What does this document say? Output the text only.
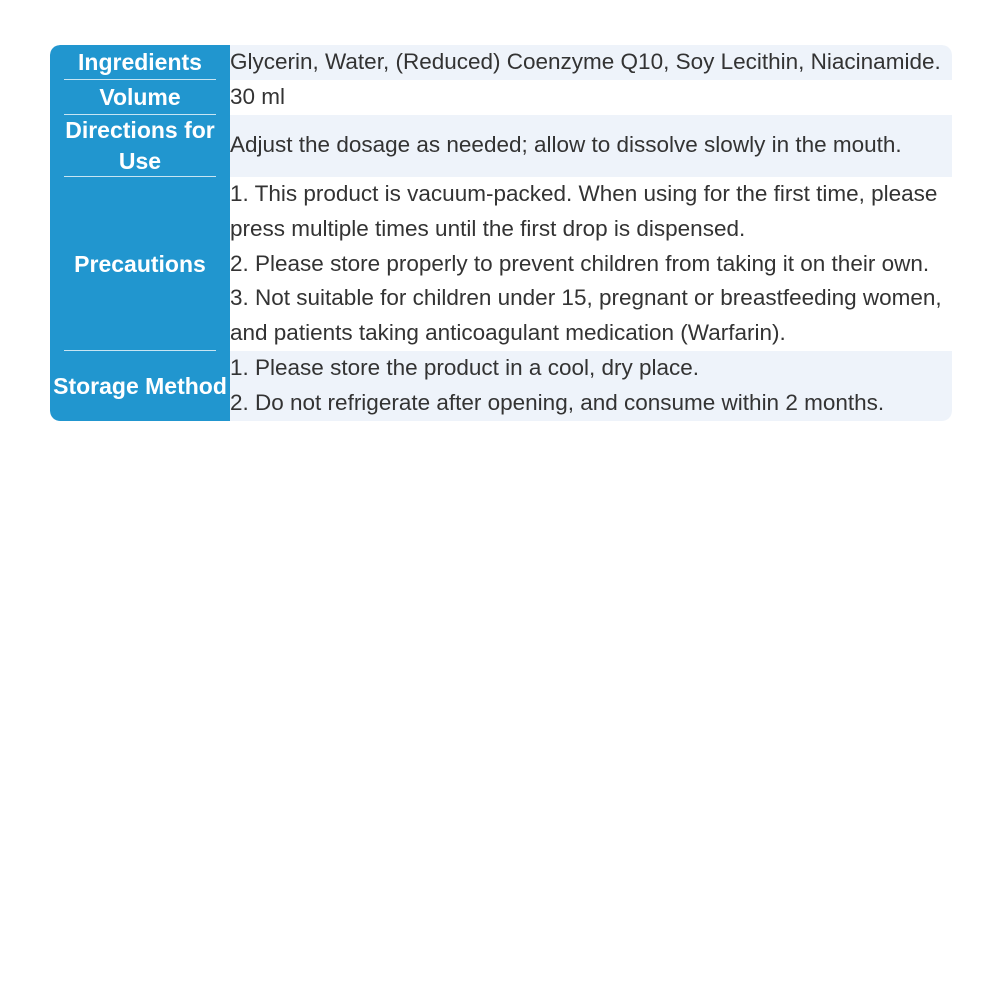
Ingredients	Glycerin, Water, (Reduced) Coenzyme Q10, Soy Lecithin, Niacinamide.

Volume	30 ml

Directions for Use	Adjust the dosage as needed; allow to dissolve slowly in the mouth.

Precautions	1. This product is vacuum-packed. When using for the first time, please press multiple times until the first drop is dispensed.
2. Please store properly to prevent children from taking it on their own.
3. Not suitable for children under 15, pregnant or breastfeeding women, and patients taking anticoagulant medication (Warfarin).

Storage Method	1. Please store the product in a cool, dry place.
2. Do not refrigerate after opening, and consume within 2 months.
